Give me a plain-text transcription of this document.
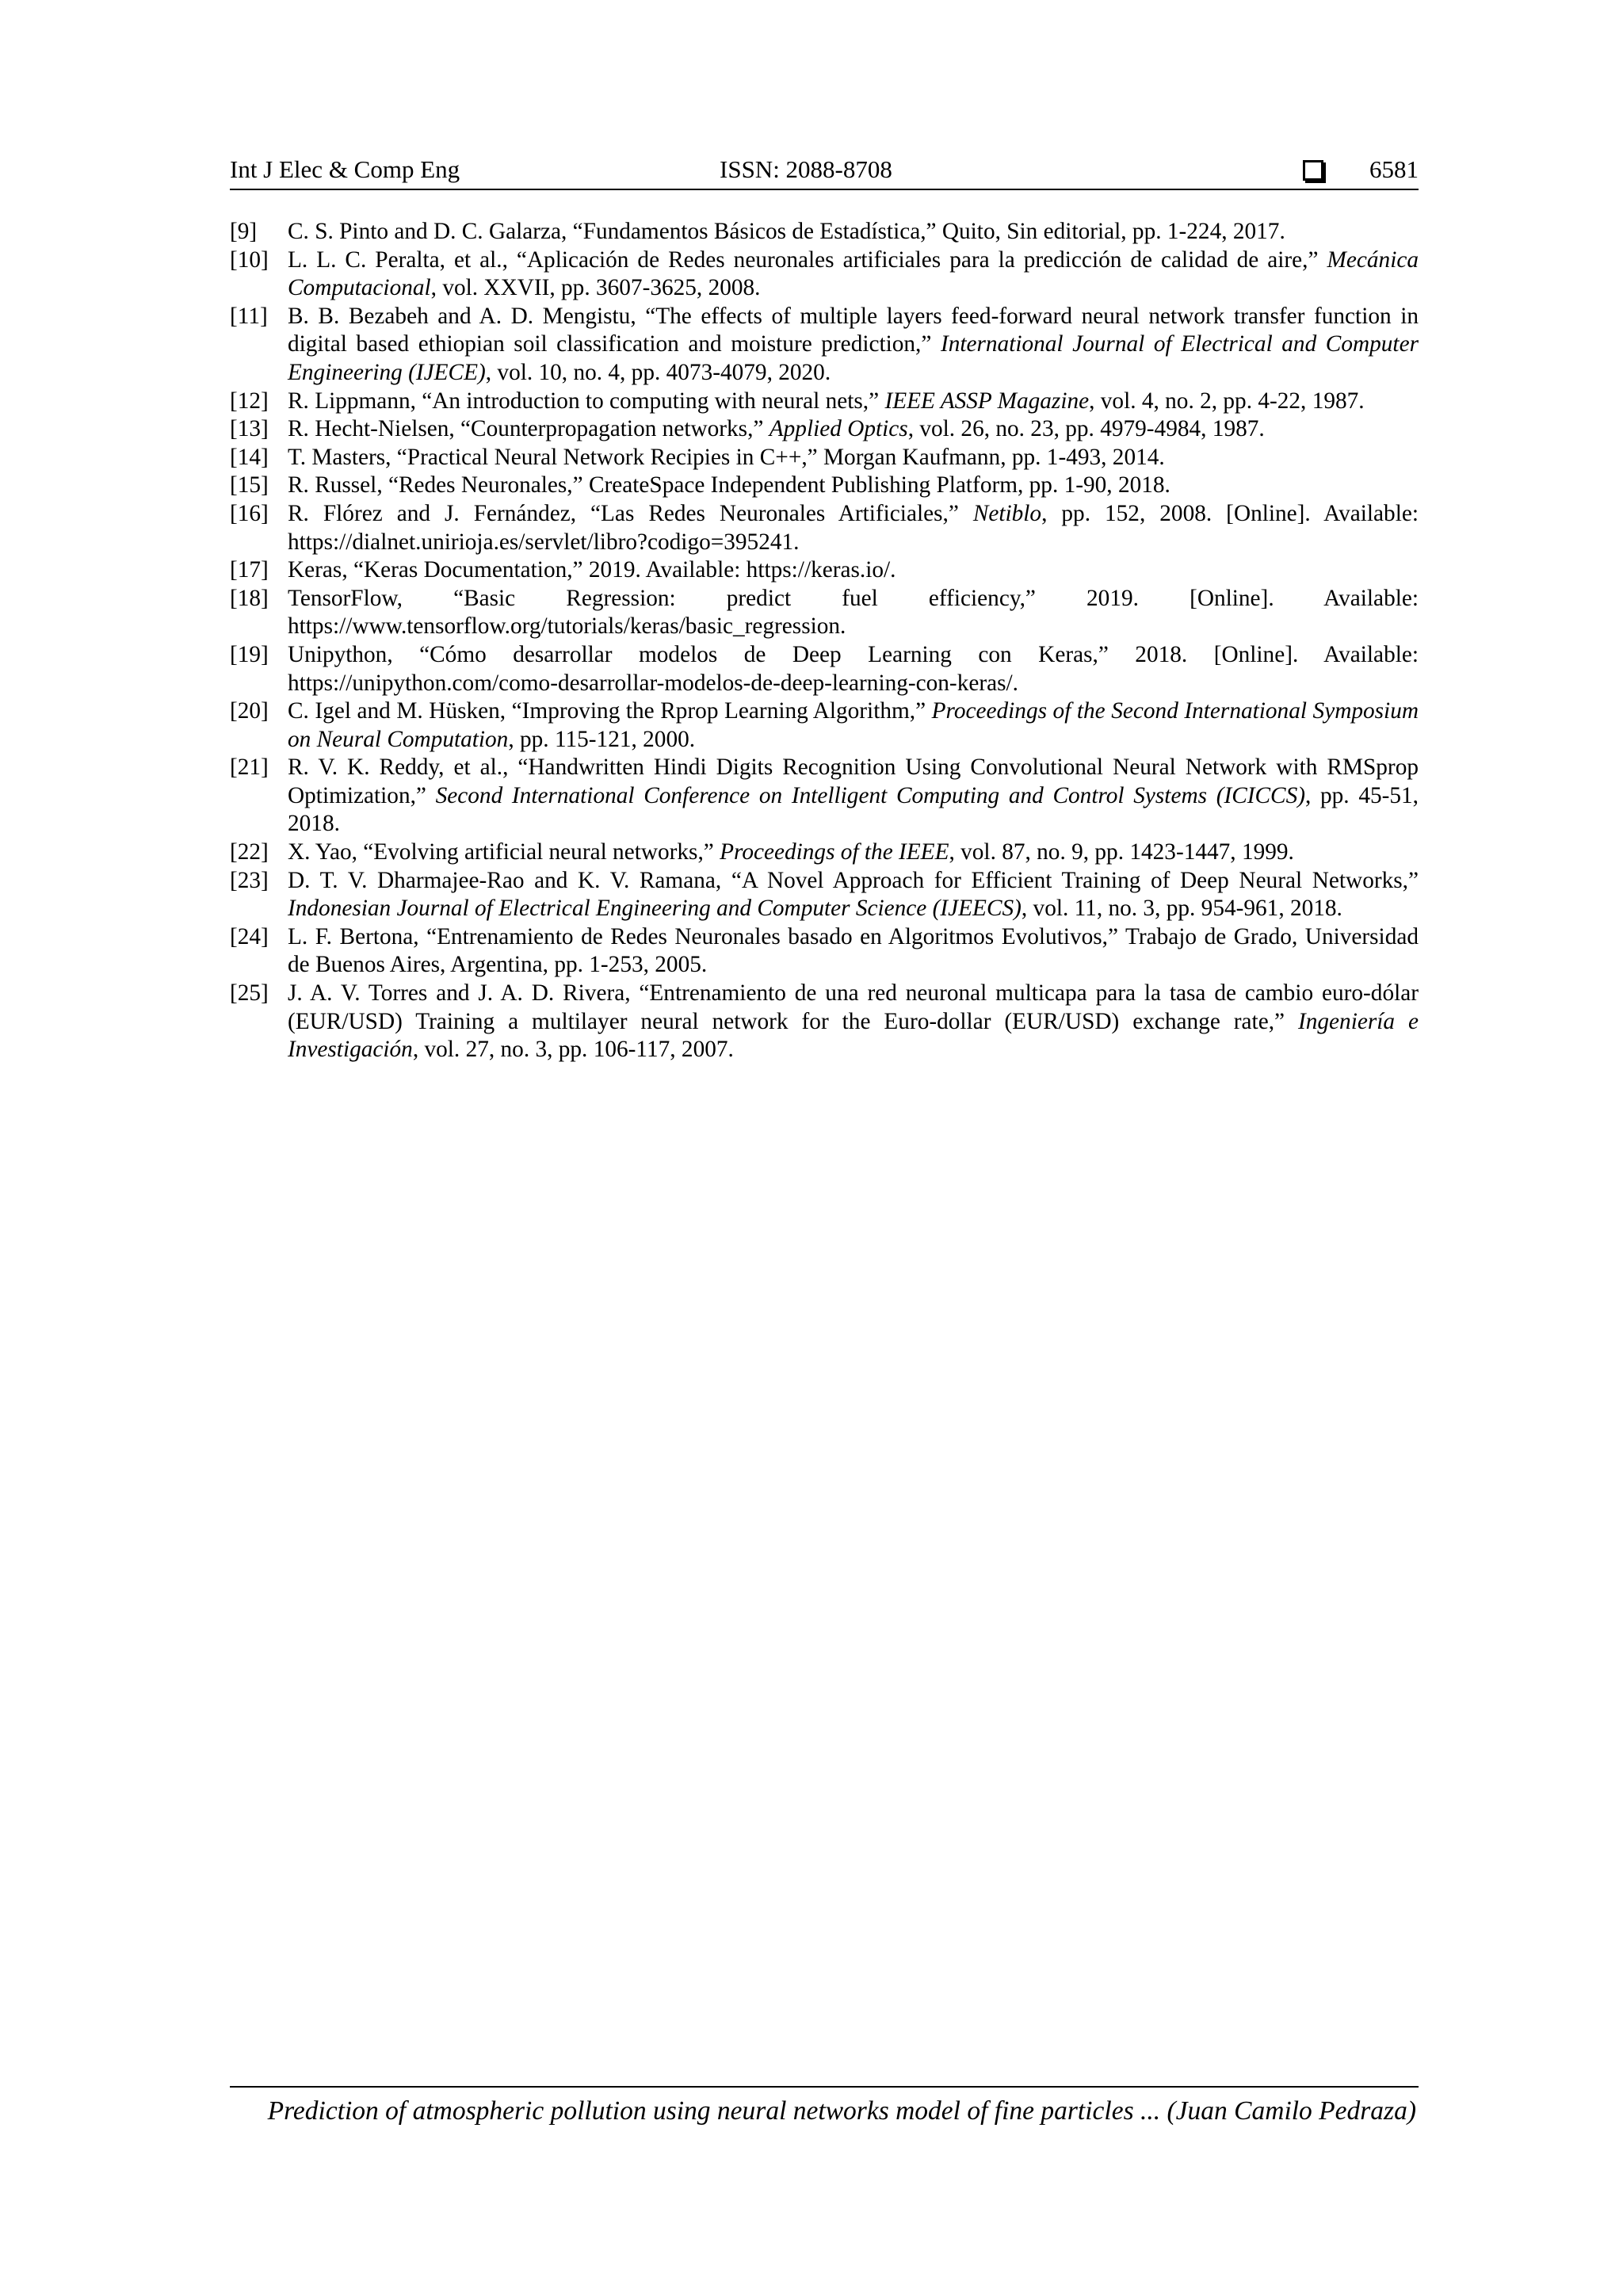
Int J Elec & Comp Eng	ISSN: 2088-8708	6581
[9] C. S. Pinto and D. C. Galarza, “Fundamentos Básicos de Estadística,” Quito, Sin editorial, pp. 1-224, 2017.
[10] L. L. C. Peralta, et al., “Aplicación de Redes neuronales artificiales para la predicción de calidad de aire,” Mecánica Computacional, vol. XXVII, pp. 3607-3625, 2008.
[11] B. B. Bezabeh and A. D. Mengistu, “The effects of multiple layers feed-forward neural network transfer function in digital based ethiopian soil classification and moisture prediction,” International Journal of Electrical and Computer Engineering (IJECE), vol. 10, no. 4, pp. 4073-4079, 2020.
[12] R. Lippmann, “An introduction to computing with neural nets,” IEEE ASSP Magazine, vol. 4, no. 2, pp. 4-22, 1987.
[13] R. Hecht-Nielsen, “Counterpropagation networks,” Applied Optics, vol. 26, no. 23, pp. 4979-4984, 1987.
[14] T. Masters, “Practical Neural Network Recipies in C++,” Morgan Kaufmann, pp. 1-493, 2014.
[15] R. Russel, “Redes Neuronales,” CreateSpace Independent Publishing Platform, pp. 1-90, 2018.
[16] R. Flórez and J. Fernández, “Las Redes Neuronales Artificiales,” Netiblo, pp. 152, 2008. [Online]. Available: https://dialnet.unirioja.es/servlet/libro?codigo=395241.
[17] Keras, “Keras Documentation,” 2019. Available: https://keras.io/.
[18] TensorFlow, “Basic Regression: predict fuel efficiency,” 2019. [Online]. Available: https://www.tensorflow.org/tutorials/keras/basic_regression.
[19] Unipython, “Cómo desarrollar modelos de Deep Learning con Keras,” 2018. [Online]. Available: https://unipython.com/como-desarrollar-modelos-de-deep-learning-con-keras/.
[20] C. Igel and M. Hüsken, “Improving the Rprop Learning Algorithm,” Proceedings of the Second International Symposium on Neural Computation, pp. 115-121, 2000.
[21] R. V. K. Reddy, et al., “Handwritten Hindi Digits Recognition Using Convolutional Neural Network with RMSprop Optimization,” Second International Conference on Intelligent Computing and Control Systems (ICICCS), pp. 45-51, 2018.
[22] X. Yao, “Evolving artificial neural networks,” Proceedings of the IEEE, vol. 87, no. 9, pp. 1423-1447, 1999.
[23] D. T. V. Dharmajee-Rao and K. V. Ramana, “A Novel Approach for Efficient Training of Deep Neural Networks,” Indonesian Journal of Electrical Engineering and Computer Science (IJEECS), vol. 11, no. 3, pp. 954-961, 2018.
[24] L. F. Bertona, “Entrenamiento de Redes Neuronales basado en Algoritmos Evolutivos,” Trabajo de Grado, Universidad de Buenos Aires, Argentina, pp. 1-253, 2005.
[25] J. A. V. Torres and J. A. D. Rivera, “Entrenamiento de una red neuronal multicapa para la tasa de cambio euro-dólar (EUR/USD) Training a multilayer neural network for the Euro-dollar (EUR/USD) exchange rate,” Ingeniería e Investigación, vol. 27, no. 3, pp. 106-117, 2007.
Prediction of atmospheric pollution using neural networks model of fine particles ... (Juan Camilo Pedraza)
